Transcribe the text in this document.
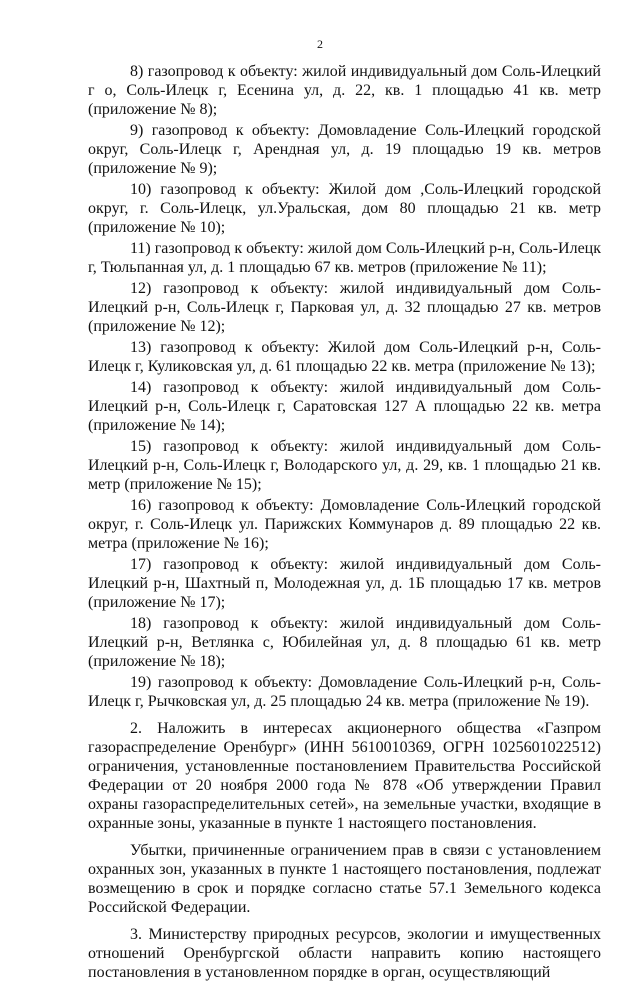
2

8) газопровод к объекту: жилой индивидуальный дом Соль-Илецкий г о, Соль-Илецк г, Есенина ул, д. 22, кв. 1 площадью 41 кв. метр (приложение № 8);

9) газопровод к объекту: Домовладение Соль-Илецкий городской округ, Соль-Илецк г, Арендная ул, д. 19 площадью 19 кв. метров (приложение № 9);

10) газопровод к объекту: Жилой дом ,Соль-Илецкий городской округ, г. Соль-Илецк, ул.Уральская, дом 80 площадью 21 кв. метр (приложение № 10);

11) газопровод к объекту: жилой дом Соль-Илецкий р-н, Соль-Илецк г, Тюльпанная ул, д. 1 площадью 67 кв. метров (приложение № 11);

12) газопровод к объекту: жилой индивидуальный дом Соль-Илецкий р-н, Соль-Илецк г, Парковая ул, д. 32 площадью 27 кв. метров (приложение № 12);

13) газопровод к объекту: Жилой дом Соль-Илецкий р-н, Соль-Илецк г, Куликовская ул, д. 61 площадью 22 кв. метра (приложение № 13);

14) газопровод к объекту: жилой индивидуальный дом Соль-Илецкий р-н, Соль-Илецк г, Саратовская 127 А площадью 22 кв. метра (приложение № 14);

15) газопровод к объекту: жилой индивидуальный дом Соль-Илецкий р-н, Соль-Илецк г, Володарского ул, д. 29, кв. 1 площадью 21 кв. метр (приложение № 15);

16) газопровод к объекту: Домовладение Соль-Илецкий городской округ, г. Соль-Илецк ул. Парижских Коммунаров д. 89 площадью 22 кв. метра (приложение № 16);

17) газопровод к объекту: жилой индивидуальный дом Соль-Илецкий р-н, Шахтный п, Молодежная ул, д. 1Б площадью 17 кв. метров (приложение № 17);

18) газопровод к объекту: жилой индивидуальный дом Соль-Илецкий р-н, Ветлянка с, Юбилейная ул, д. 8 площадью 61 кв. метр (приложение № 18);

19) газопровод к объекту: Домовладение Соль-Илецкий р-н, Соль-Илецк г, Рычковская ул, д. 25 площадью 24 кв. метра (приложение № 19).

2. Наложить в интересах акционерного общества «Газпром газораспределение Оренбург» (ИНН 5610010369, ОГРН 1025601022512) ограничения, установленные постановлением Правительства Российской Федерации от 20 ноября 2000 года № 878 «Об утверждении Правил охраны газораспределительных сетей», на земельные участки, входящие в охранные зоны, указанные в пункте 1 настоящего постановления.

Убытки, причиненные ограничением прав в связи с установлением охранных зон, указанных в пункте 1 настоящего постановления, подлежат возмещению в срок и порядке согласно статье 57.1 Земельного кодекса Российской Федерации.

3. Министерству природных ресурсов, экологии и имущественных отношений Оренбургской области направить копию настоящего постановления в установленном порядке в орган, осуществляющий
